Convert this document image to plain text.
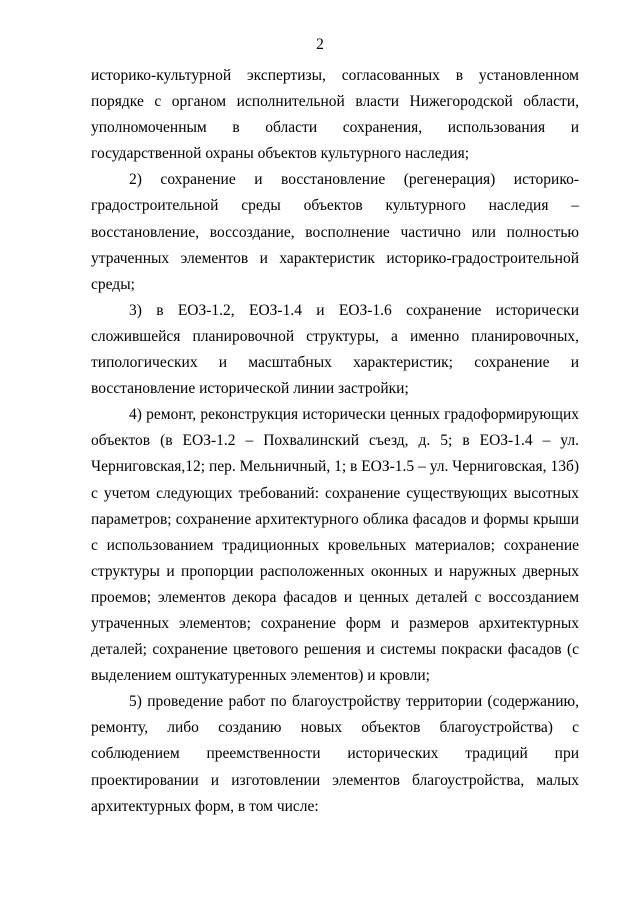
2

историко-культурной экспертизы, согласованных в установленном порядке с органом исполнительной власти Нижегородской области, уполномоченным в области сохранения, использования и государственной охраны объектов культурного наследия;

2) сохранение и восстановление (регенерация) историко-градостроительной среды объектов культурного наследия – восстановление, воссоздание, восполнение частично или полностью утраченных элементов и характеристик историко-градостроительной среды;

3) в ЕОЗ-1.2, ЕОЗ-1.4 и ЕОЗ-1.6 сохранение исторически сложившейся планировочной структуры, а именно планировочных, типологических и масштабных характеристик; сохранение и восстановление исторической линии застройки;

4) ремонт, реконструкция исторически ценных градоформирующих объектов (в ЕОЗ-1.2 – Похвалинский съезд, д. 5; в ЕОЗ-1.4 – ул. Черниговская,12; пер. Мельничный, 1; в ЕОЗ-1.5 – ул. Черниговская, 13б) с учетом следующих требований: сохранение существующих высотных параметров; сохранение архитектурного облика фасадов и формы крыши с использованием традиционных кровельных материалов; сохранение структуры и пропорции расположенных оконных и наружных дверных проемов; элементов декора фасадов и ценных деталей с воссозданием утраченных элементов; сохранение форм и размеров архитектурных деталей; сохранение цветового решения и системы покраски фасадов (с выделением оштукатуренных элементов) и кровли;

5) проведение работ по благоустройству территории (содержанию, ремонту, либо созданию новых объектов благоустройства) с соблюдением преемственности исторических традиций при проектировании и изготовлении элементов благоустройства, малых архитектурных форм, в том числе:
